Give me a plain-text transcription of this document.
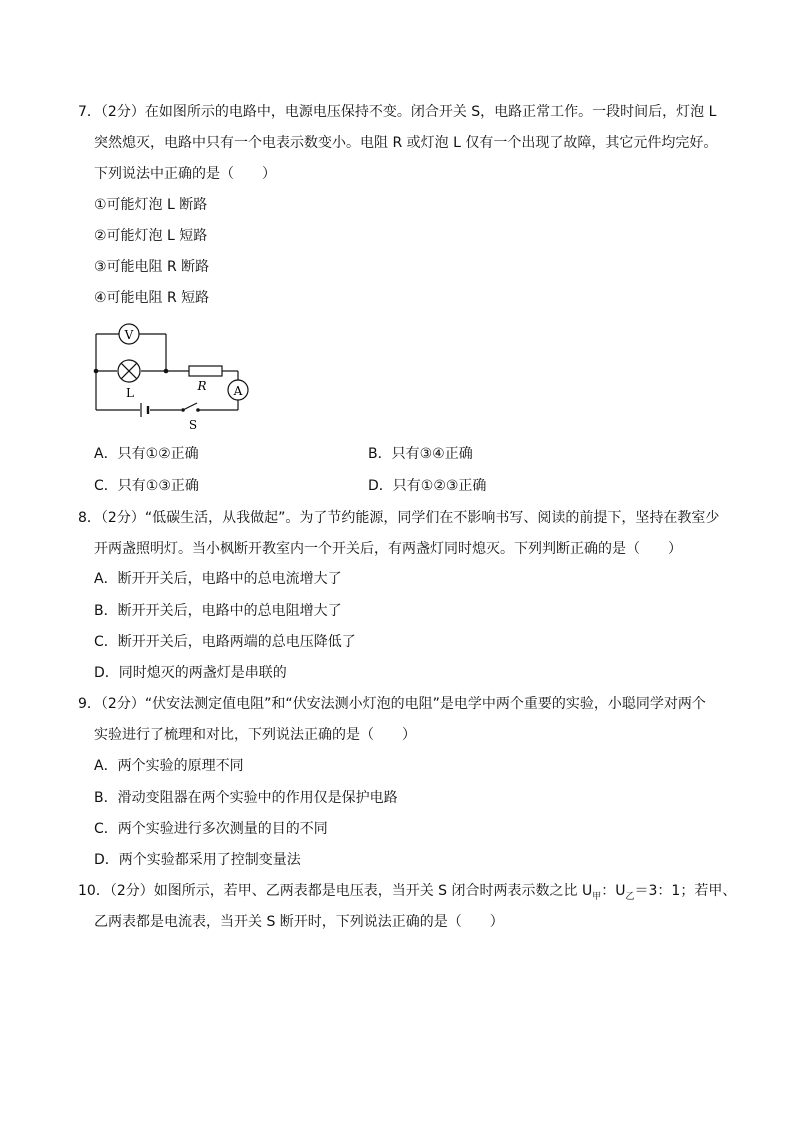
7．（2分）在如图所示的电路中，电源电压保持不变。闭合开关 S，电路正常工作。一段时间后，灯泡 L
突然熄灭，电路中只有一个电表示数变小。电阻 R 或灯泡 L 仅有一个出现了故障，其它元件均完好。
下列说法中正确的是（　　）
①可能灯泡 L 断路
②可能灯泡 L 短路
③可能电阻 R 断路
④可能电阻 R 短路
V
L	R A
S
A．只有①②正确	B．只有③④正确
C．只有①③正确	D．只有①②③正确
8．（2分）“低碳生活，从我做起”。为了节约能源，同学们在不影响书写、阅读的前提下，坚持在教室少
开两盏照明灯。当小枫断开教室内一个开关后，有两盏灯同时熄灭。下列判断正确的是（　　）
A．断开开关后，电路中的总电流增大了
B．断开开关后，电路中的总电阻增大了
C．断开开关后，电路两端的总电压降低了
D．同时熄灭的两盏灯是串联的
9．（2分）“伏安法测定值电阻”和“伏安法测小灯泡的电阻”是电学中两个重要的实验，小聪同学对两个
实验进行了梳理和对比，下列说法正确的是（　　）
A．两个实验的原理不同
B．滑动变阻器在两个实验中的作用仅是保护电路
C．两个实验进行多次测量的目的不同
D．两个实验都采用了控制变量法
10．（2分）如图所示，若甲、乙两表都是电压表，当开关 S 闭合时两表示数之比 $U_甲$：$U_乙=3$：1；若甲、
乙两表都是电流表，当开关 S 断开时，下列说法正确的是（　　）
